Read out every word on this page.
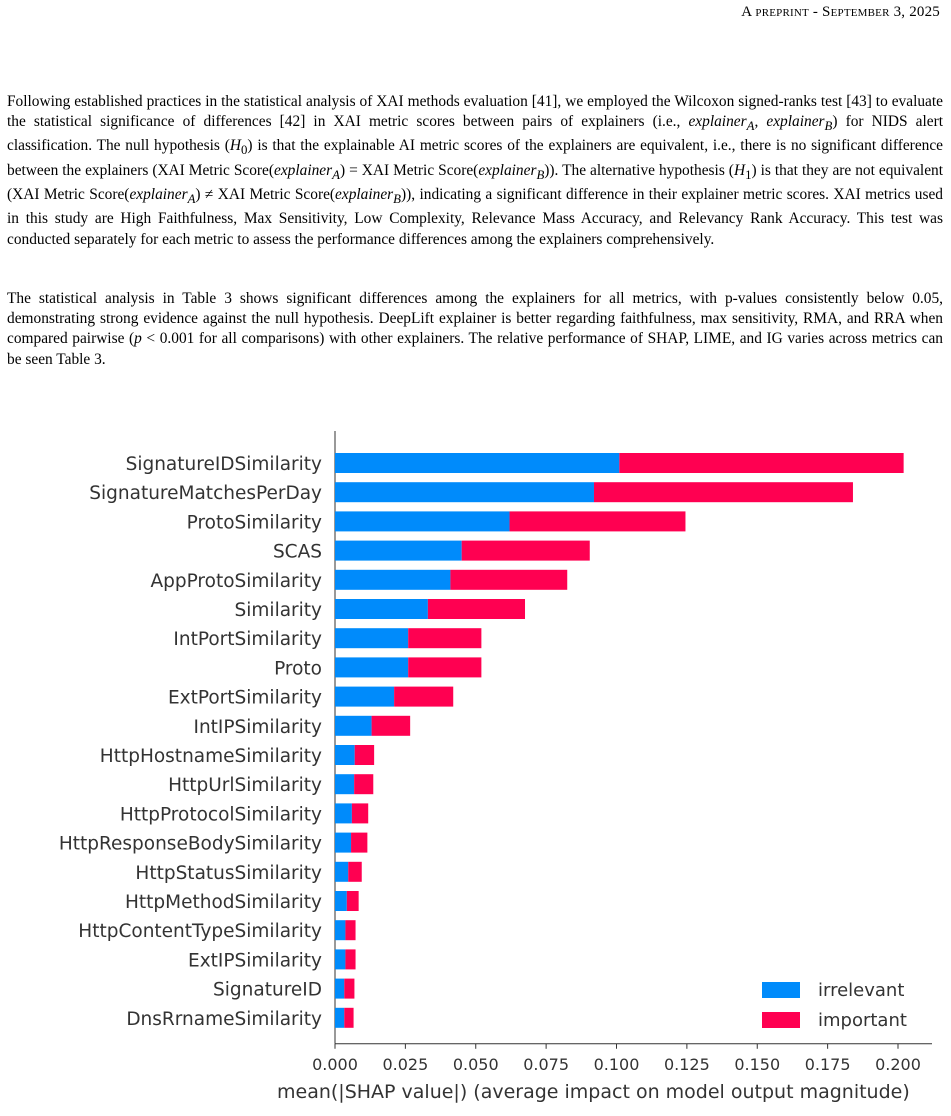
A preprint - September 3, 2025

Following established practices in the statistical analysis of XAI methods evaluation [41], we employed the Wilcoxon signed-ranks test [43] to evaluate the statistical significance of differences [42] in XAI metric scores between pairs of explainers (i.e., explainer$_A$, explainer$_B$) for NIDS alert classification. The null hypothesis $(H_0)$ is that the explainable AI metric scores of the explainers are equivalent, i.e., there is no significant difference between the explainers (XAI Metric Score(explainer$_A$) = XAI Metric Score(explainer$_B$)). The alternative hypothesis $(H_1)$ is that they are not equivalent (XAI Metric Score(explainer$_A$) ≠ XAI Metric Score(explainer$_B$)), indicating a significant difference in their explainer metric scores. XAI metrics used in this study are High Faithfulness, Max Sensitivity, Low Complexity, Relevance Mass Accuracy, and Relevancy Rank Accuracy. This test was conducted separately for each metric to assess the performance differences among the explainers comprehensively.

The statistical analysis in Table 3 shows significant differences among the explainers for all metrics, with p-values consistently below 0.05, demonstrating strong evidence against the null hypothesis. DeepLift explainer is better regarding faithfulness, max sensitivity, RMA, and RRA when compared pairwise (p < 0.001 for all comparisons) with other explainers. The relative performance of SHAP, LIME, and IG varies across metrics can be seen Table 3.

SignatureIDSimilarity
SignatureMatchesPerDay
ProtoSimilarity
SCAS
AppProtoSimilarity
Similarity
IntPortSimilarity
Proto
ExtPortSimilarity
IntIPSimilarity
HttpHostnameSimilarity
HttpUrlSimilarity
HttpProtocolSimilarity
HttpResponseBodySimilarity
HttpStatusSimilarity
HttpMethodSimilarity
HttpContentTypeSimilarity
ExtIPSimilarity
SignatureID
DnsRrnameSimilarity
0.000 0.025 0.050 0.075 0.100 0.125 0.150 0.175 0.200
mean(|SHAP value|) (average impact on model output magnitude)
irrelevant
important
